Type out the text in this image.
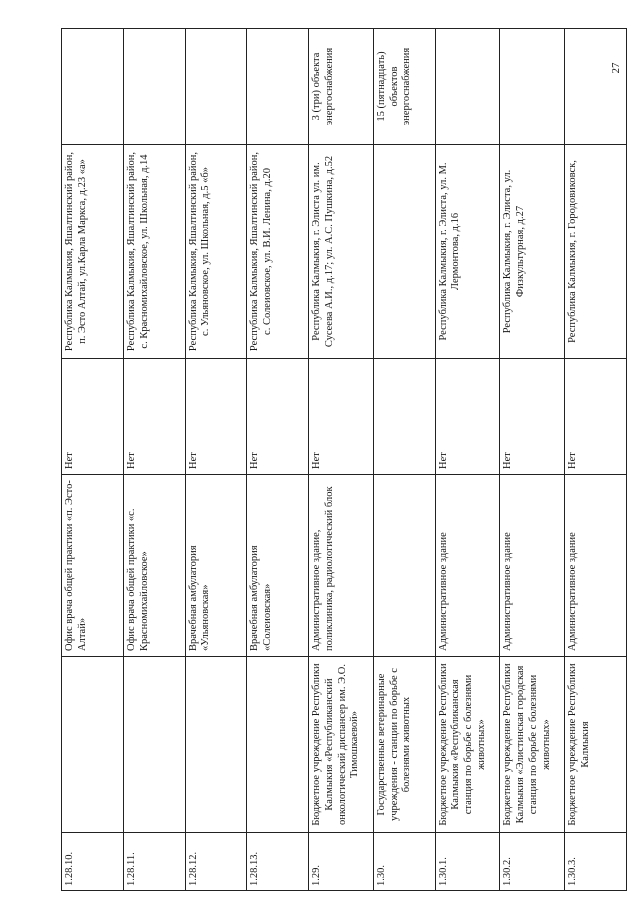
27
1.28.10.
Офис врача общей практики «п. Эсто-Алтай»
Нет
Республика Калмыкия, Яшалтинский район, п. Эсто Алтай, ул.Карла Маркса, д.23 «а»
1.28.11.
Офис врача общей практики «с. Красномихайловское»
Нет
Республика Калмыкия, Яшалтинский район, с. Красномихайловское, ул. Школьная, д.14
1.28.12.
Врачебная амбулатория «Ульяновская»
Нет
Республика Калмыкия, Яшалтинский район, с. Ульяновское, ул. Школьная, д.5 «б»
1.28.13.
Врачебная амбулатория «Солеиовская»
Нет
Республика Калмыкия, Яшалтинский район, с. Солеиовское, ул. В.И. Ленина, д.20
1.29.
Бюджетное учреждение Республики Калмыкия «Республиканский онкологический диспансер им. Э.О. Тимошкаевой»
Административное здание, поликлиника, радиологический блок
Нет
Республика Калмыкия, г. Элиста ул. им. Сусеева А.И., д.17; ул. А.С. Пушкина, д.52
3 (три) объекта энергоснабжения
1.30.
Государственные ветеринарные учреждения - станции по борьбе с болезнями животных
15 (пятнадцать) объектов энергоснабжения
1.30.1.
Бюджетное учреждение Республики Калмыкия «Республиканская станция по борьбе с болезнями животных»
Административное здание
Нет
Республика Калмыкия, г. Элиста, ул. М. Лермонтова, д.16
1.30.2.
Бюджетное учреждение Республики Калмыкия «Элистинская городская станция по борьбе с болезнями животных»
Административное здание
Нет
Республика Калмыкия, г. Элиста, ул. Физкультурная, д.27
1.30.3.
Бюджетное учреждение Республики Калмыкия
Административное здание
Нет
Республика Калмыкия, г. Городовиковск,
